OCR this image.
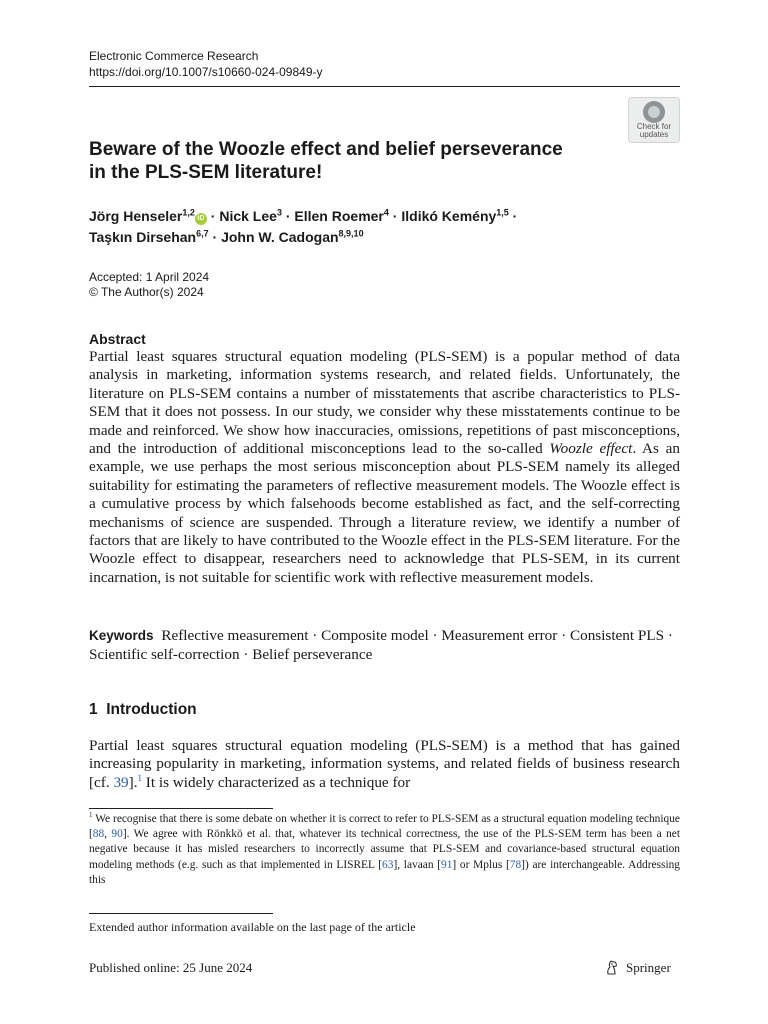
Electronic Commerce Research
https://doi.org/10.1007/s10660-024-09849-y
Check for
updates
Beware of the Woozle effect and belief perseverance
in the PLS-SEM literature!
Jörg Henseler$^{1,2}$iD · Nick Lee$^3$ · Ellen Roemer$^4$ · Ildikó Kemény$^{1,5}$ ·
Taşkın Dirsehan$^{6,7}$ · John W. Cadogan$^{8,9,10}$
Accepted: 1 April 2024
© The Author(s) 2024
Abstract
Partial least squares structural equation modeling (PLS-SEM) is a popular method of data analysis in marketing, information systems research, and related fields. Unfortunately, the literature on PLS-SEM contains a number of misstatements that ascribe characteristics to PLS-SEM that it does not possess. In our study, we consider why these misstatements continue to be made and reinforced. We show how inaccuracies, omissions, repetitions of past misconceptions, and the introduction of additional misconceptions lead to the so-called Woozle effect. As an example, we use perhaps the most serious misconception about PLS-SEM namely its alleged suitability for estimating the parameters of reflective measurement models. The Woozle effect is a cumulative process by which falsehoods become established as fact, and the self-correcting mechanisms of science are suspended. Through a literature review, we identify a number of factors that are likely to have contributed to the Woozle effect in the PLS-SEM literature. For the Woozle effect to disappear, researchers need to acknowledge that PLS-SEM, in its current incarnation, is not suitable for scientific work with reflective measurement models.
Keywords Reflective measurement · Composite model · Measurement error · Consistent PLS · Scientific self-correction · Belief perseverance
1 Introduction
Partial least squares structural equation modeling (PLS-SEM) is a method that has gained increasing popularity in marketing, information systems, and related fields of business research [cf. 39].$^1$ It is widely characterized as a technique for
$^1$ We recognise that there is some debate on whether it is correct to refer to PLS-SEM as a structural equation modeling technique [88, 90]. We agree with Rönkkö et al. that, whatever its technical correctness, the use of the PLS-SEM term has been a net negative because it has misled researchers to incorrectly assume that PLS-SEM and covariance-based structural equation modeling methods (e.g. such as that implemented in LISREL [63], lavaan [91] or Mplus [78]) are interchangeable. Addressing this
Extended author information available on the last page of the article
Published online: 25 June 2024	Springer
